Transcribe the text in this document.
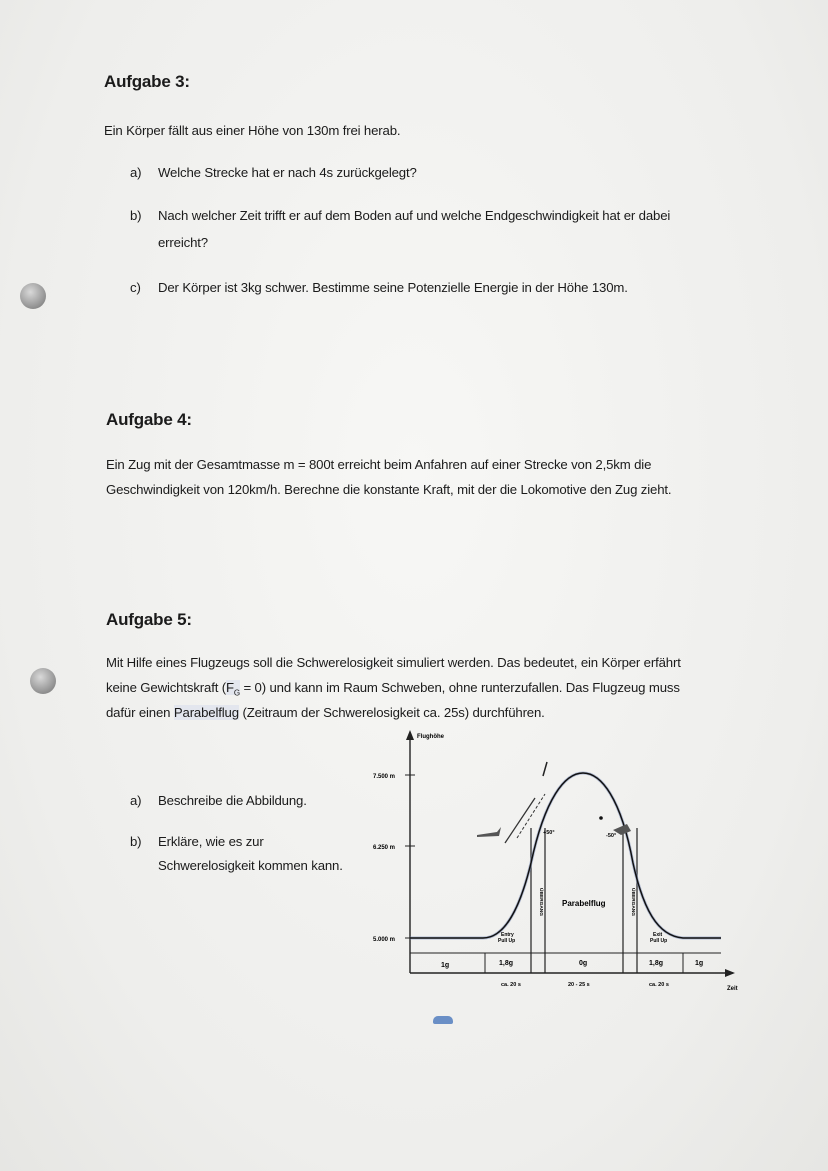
Aufgabe 3:
Ein Körper fällt aus einer Höhe von 130m frei herab.
a) Welche Strecke hat er nach 4s zurückgelegt?
b) Nach welcher Zeit trifft er auf dem Boden auf und welche Endgeschwindigkeit hat er dabei
erreicht?
c) Der Körper ist 3kg schwer. Bestimme seine Potenzielle Energie in der Höhe 130m.
Aufgabe 4:
Ein Zug mit der Gesamtmasse m = 800t erreicht beim Anfahren auf einer Strecke von 2,5km die
Geschwindigkeit von 120km/h. Berechne die konstante Kraft, mit der die Lokomotive den Zug zieht.
Aufgabe 5:
Mit Hilfe eines Flugzeugs soll die Schwerelosigkeit simuliert werden. Das bedeutet, ein Körper erfährt
keine Gewichtskraft $(F_G = 0)$ und kann im Raum Schweben, ohne runterzufallen. Das Flugzeug muss
dafür einen Parabelflug (Zeitraum der Schwerelosigkeit ca. 25s) durchführen.
a) Beschreibe die Abbildung.
b) Erkläre, wie es zur
Schwerelosigkeit kommen kann.
Flughöhe
Zeit
7.500 m
6.250 m
5.000 m
+50°	-50°
ÜBERGANG	ÜBERGANG
Parabelflug
Entry
Pull Up
Exit
Pull Up
1g	1,8g	0g	1,8g	1g
ca. 20 s	20 - 25 s	ca. 20 s
